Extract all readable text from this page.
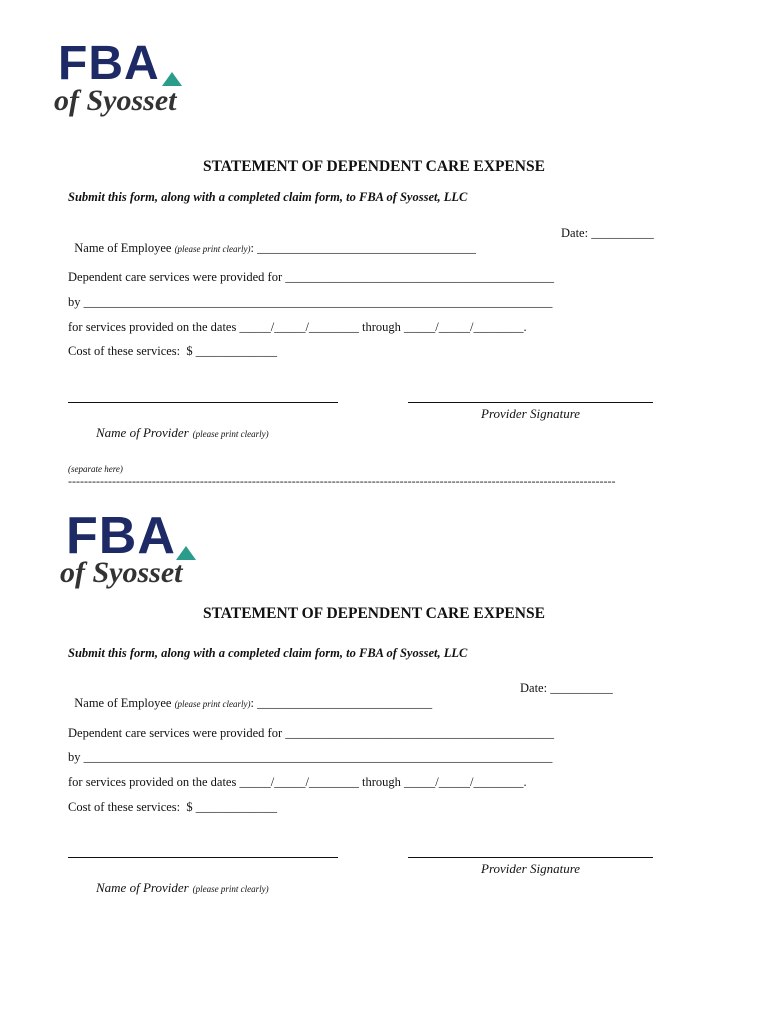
FBA
of Syosset
STATEMENT OF DEPENDENT CARE EXPENSE
Submit this form, along with a completed claim form, to FBA of Syosset, LLC

Name of Employee (please print clearly): ___________________________________

Date: __________
Dependent care services were provided for ___________________________________________
by ___________________________________________________________________________
for services provided on the dates _____/_____/________ through _____/_____/________.
Cost of these services:  $ _____________

Name of Provider (please print clearly)

Provider Signature
(separate here)
-----------------------------------------------------------------------------------------------------------------------------------------
FBA
of Syosset
STATEMENT OF DEPENDENT CARE EXPENSE
Submit this form, along with a completed claim form, to FBA of Syosset, LLC

Name of Employee (please print clearly): ____________________________

Date: __________
Dependent care services were provided for ___________________________________________
by ___________________________________________________________________________
for services provided on the dates _____/_____/________ through _____/_____/________.
Cost of these services:  $ _____________

Name of Provider (please print clearly)

Provider Signature
